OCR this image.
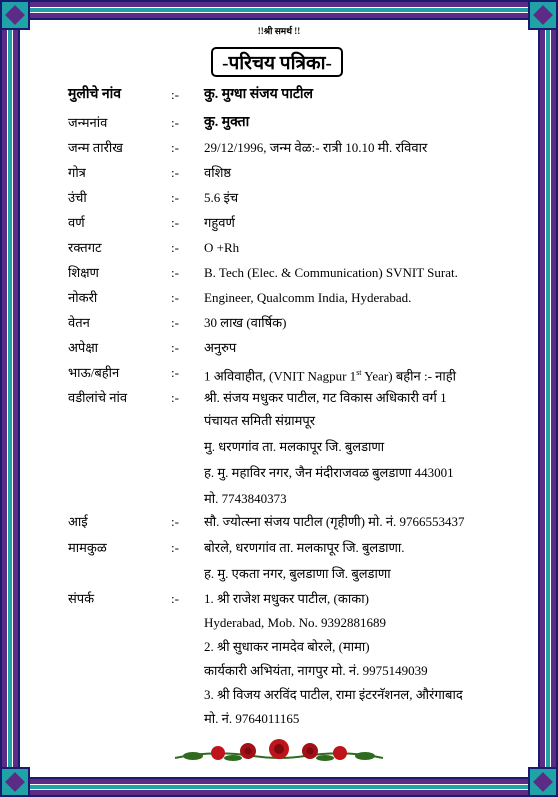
!!श्री समर्थ !!
-परिचय पत्रिका-
मुलीचे नांव	:- कु. मुग्धा संजय पाटील
जन्मनांव	:- कु. मुक्ता
जन्म तारीख	:- 29/12/1996, जन्म वेळ:- रात्री 10.10 मी. रविवार
गोत्र	:- वशिष्ठ
उंची	:- 5.6 इंच
वर्ण	:- गहुवर्ण
रक्तगट	:- O +Rh
शिक्षण	:- B. Tech (Elec. & Communication) SVNIT Surat.
नोकरी	:- Engineer, Qualcomm India, Hyderabad.
वेतन	:- 30 लाख (वार्षिक)
अपेक्षा	:- अनुरुप
भाऊ/बहीन	:- 1 अविवाहीत, (VNIT Nagpur 1st Year) बहीन :- नाही
वडीलांचे नांव	:- श्री. संजय मधुकर पाटील, गट विकास अधिकारी वर्ग 1
पंचायत समिती संग्रामपूर
मु. धरणगांव ता. मलकापूर जि. बुलडाणा
ह. मु. महाविर नगर, जैन मंदीराजवळ बुलडाणा 443001
मो. 7743840373
आई	:- सौ. ज्योत्स्ना संजय पाटील (गृहीणी) मो. नं. 9766553437
मामकुळ	:- बोरले, धरणगांव ता. मलकापूर जि. बुलडाणा.
ह. मु. एकता नगर, बुलडाणा जि. बुलडाणा
संपर्क	:- 1. श्री राजेश मधुकर पाटील, (काका)
Hyderabad, Mob. No. 9392881689
2. श्री सुधाकर नामदेव बोरले, (मामा)
कार्यकारी अभियंता, नागपुर मो. नं. 9975149039
3. श्री विजय अरविंद पाटील, रामा इंटरनॅशनल, औरंगाबाद
मो. नं. 9764011165
